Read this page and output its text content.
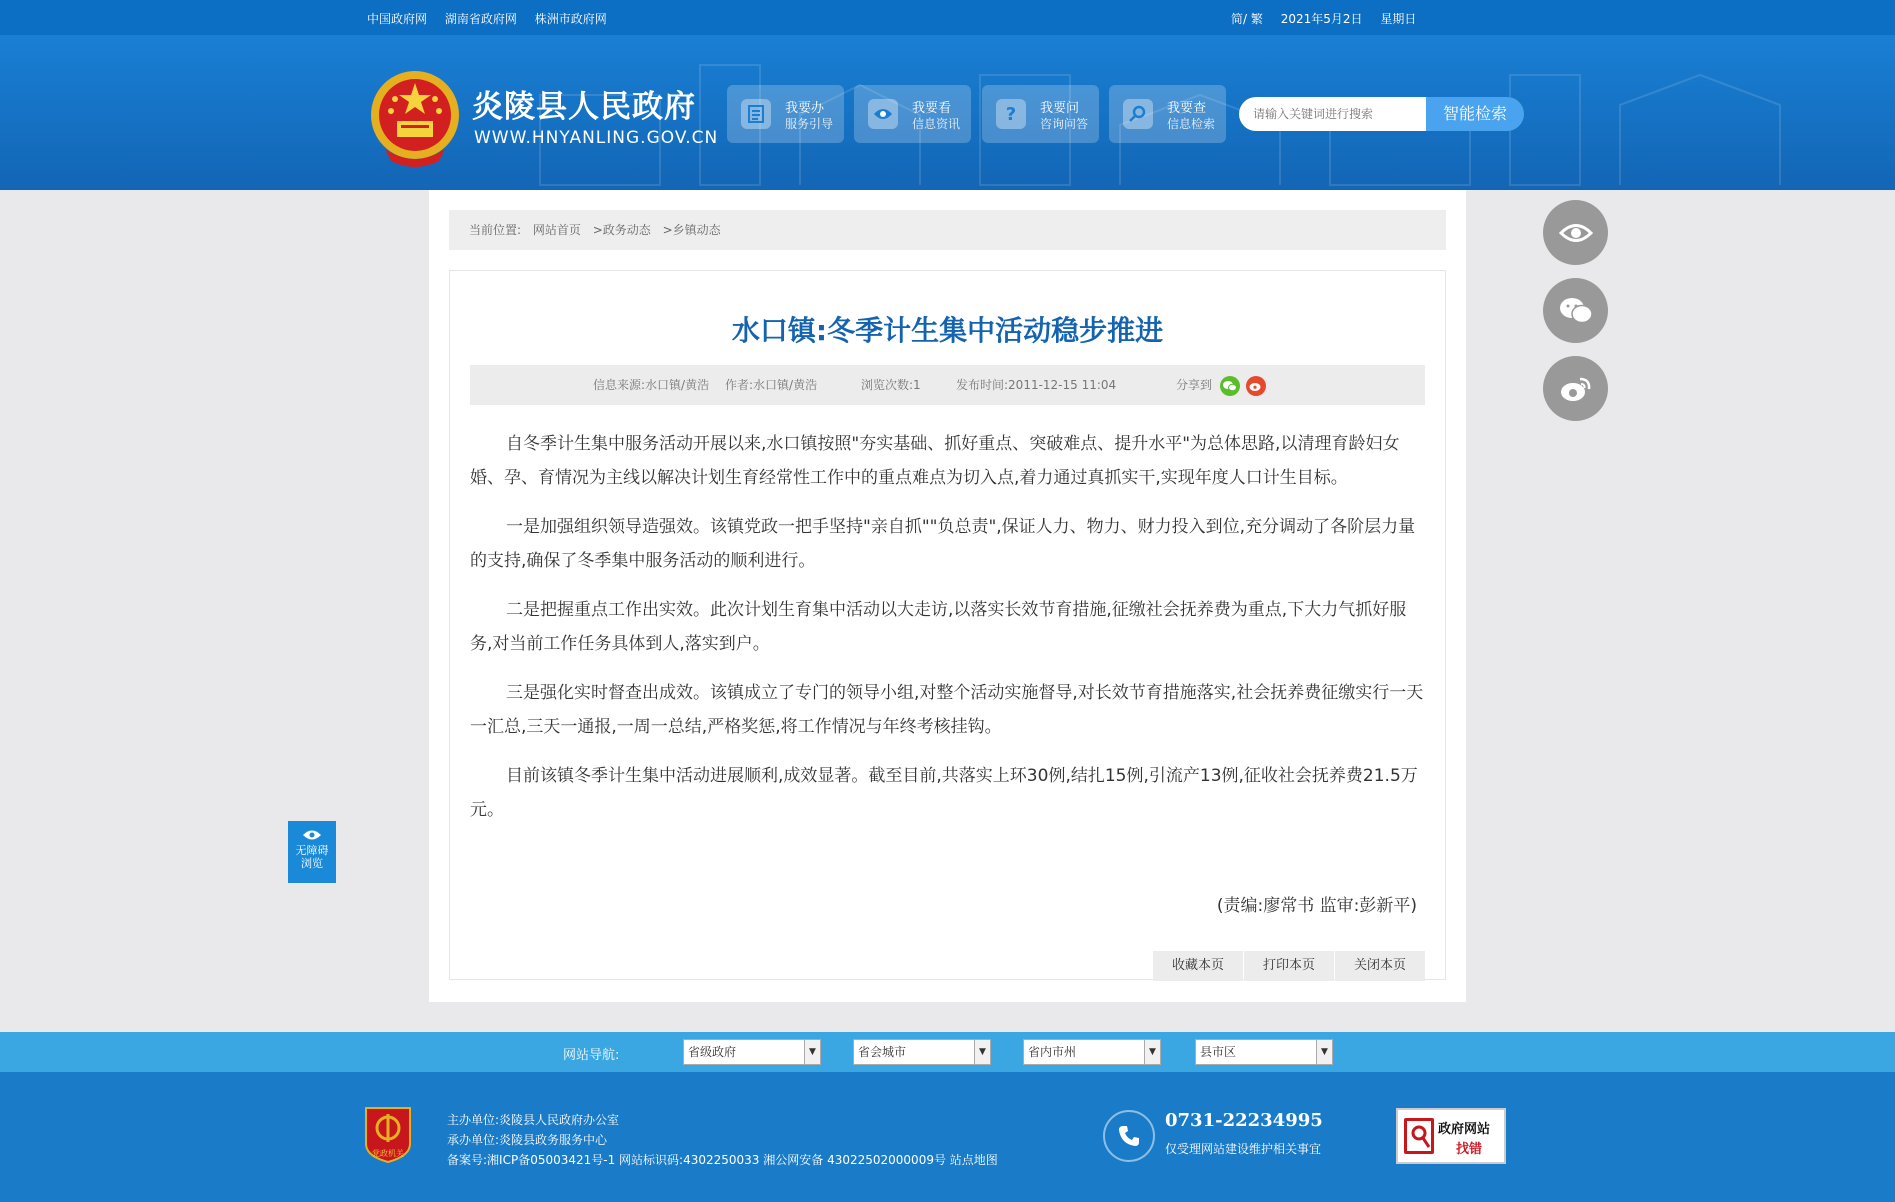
中国政府网 湖南省政府网 株洲市政府网	简/ 繁 2021年5月2日 星期日
炎陵县人民政府
WWW.HNYANLING.GOV.CN
我要办
服务引导
我要看
信息资讯	?	我要问
咨询问答
我要查
信息检索
请输入关键词进行搜索
智能检索
当前位置: 网站首页 >政务动态 >乡镇动态
水口镇:冬季计生集中活动稳步推进
信息来源:水口镇/黄浩 作者:水口镇/黄浩	浏览次数:1	发布时间:2011-12-15 11:04	分享到

自冬季计生集中服务活动开展以来,水口镇按照"夯实基础、抓好重点、突破难点、提升水平"为总体思路,以清理育龄妇女婚、孕、育情况为主线以解决计划生育经常性工作中的重点难点为切入点,着力通过真抓实干,实现年度人口计生目标。

一是加强组织领导造强效。该镇党政一把手坚持"亲自抓""负总责",保证人力、物力、财力投入到位,充分调动了各阶层力量的支持,确保了冬季集中服务活动的顺利进行。

二是把握重点工作出实效。此次计划生育集中活动以大走访,以落实长效节育措施,征缴社会抚养费为重点,下大力气抓好服务,对当前工作任务具体到人,落实到户。

三是强化实时督查出成效。该镇成立了专门的领导小组,对整个活动实施督导,对长效节育措施落实,社会抚养费征缴实行一天一汇总,三天一通报,一周一总结,严格奖惩,将工作情况与年终考核挂钩。

目前该镇冬季计生集中活动进展顺利,成效显著。截至目前,共落实上环30例,结扎15例,引流产13例,征收社会抚养费21.5万元。

(责编:廖常书 监审:彭新平)
收藏本页	打印本页	关闭本页
无障碍
浏览
网站导航:	省级政府	▼	省会城市	▼	省内市州	▼	县市区	▼
党政机关
主办单位:炎陵县人民政府办公室
承办单位:炎陵县政务服务中心
备案号:湘ICP备05003421号-1 网站标识码:4302250033 湘公网安备 43022502000009号 站点地图
0731-22234995
仅受理网站建设维护相关事宜
政府网站
找错
